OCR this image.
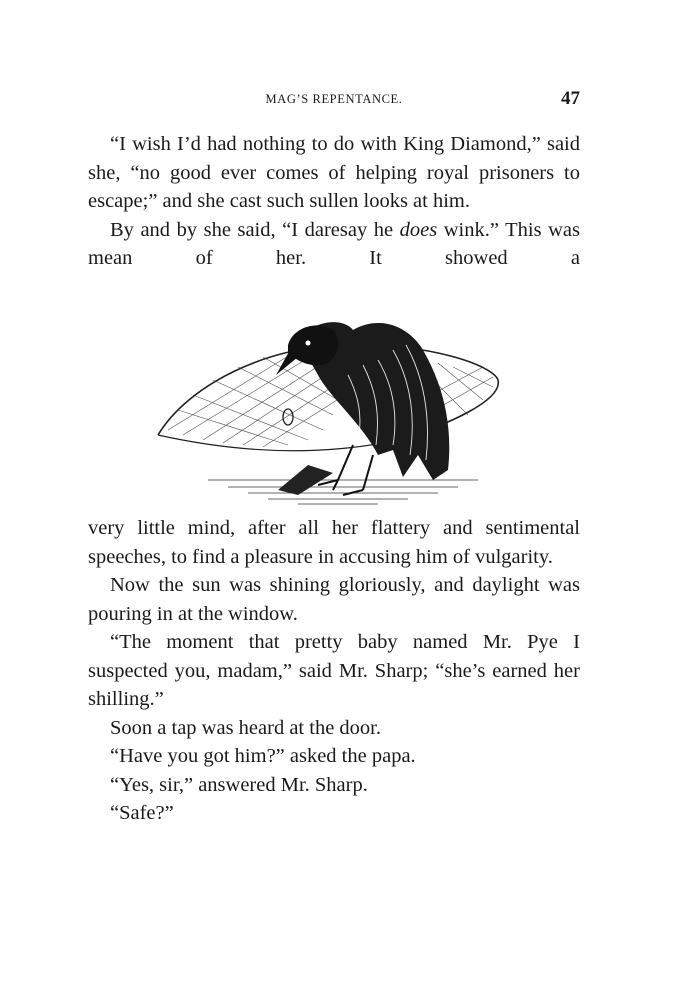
MAG’S REPENTANCE.	47

“I wish I’d had nothing to do with King Diamond,” said she, “no good ever comes of helping royal prisoners to escape;” and she cast such sullen looks at him.

By and by she said, “I daresay he does wink.” This was mean of her. It showed a

very little mind, after all her flattery and sentimental speeches, to find a pleasure in accusing him of vulgarity.

Now the sun was shining gloriously, and daylight was pouring in at the window.

“The moment that pretty baby named Mr. Pye I suspected you, madam,” said Mr. Sharp; “she’s earned her shilling.”

Soon a tap was heard at the door.

“Have you got him?” asked the papa.

“Yes, sir,” answered Mr. Sharp.

“Safe?”
